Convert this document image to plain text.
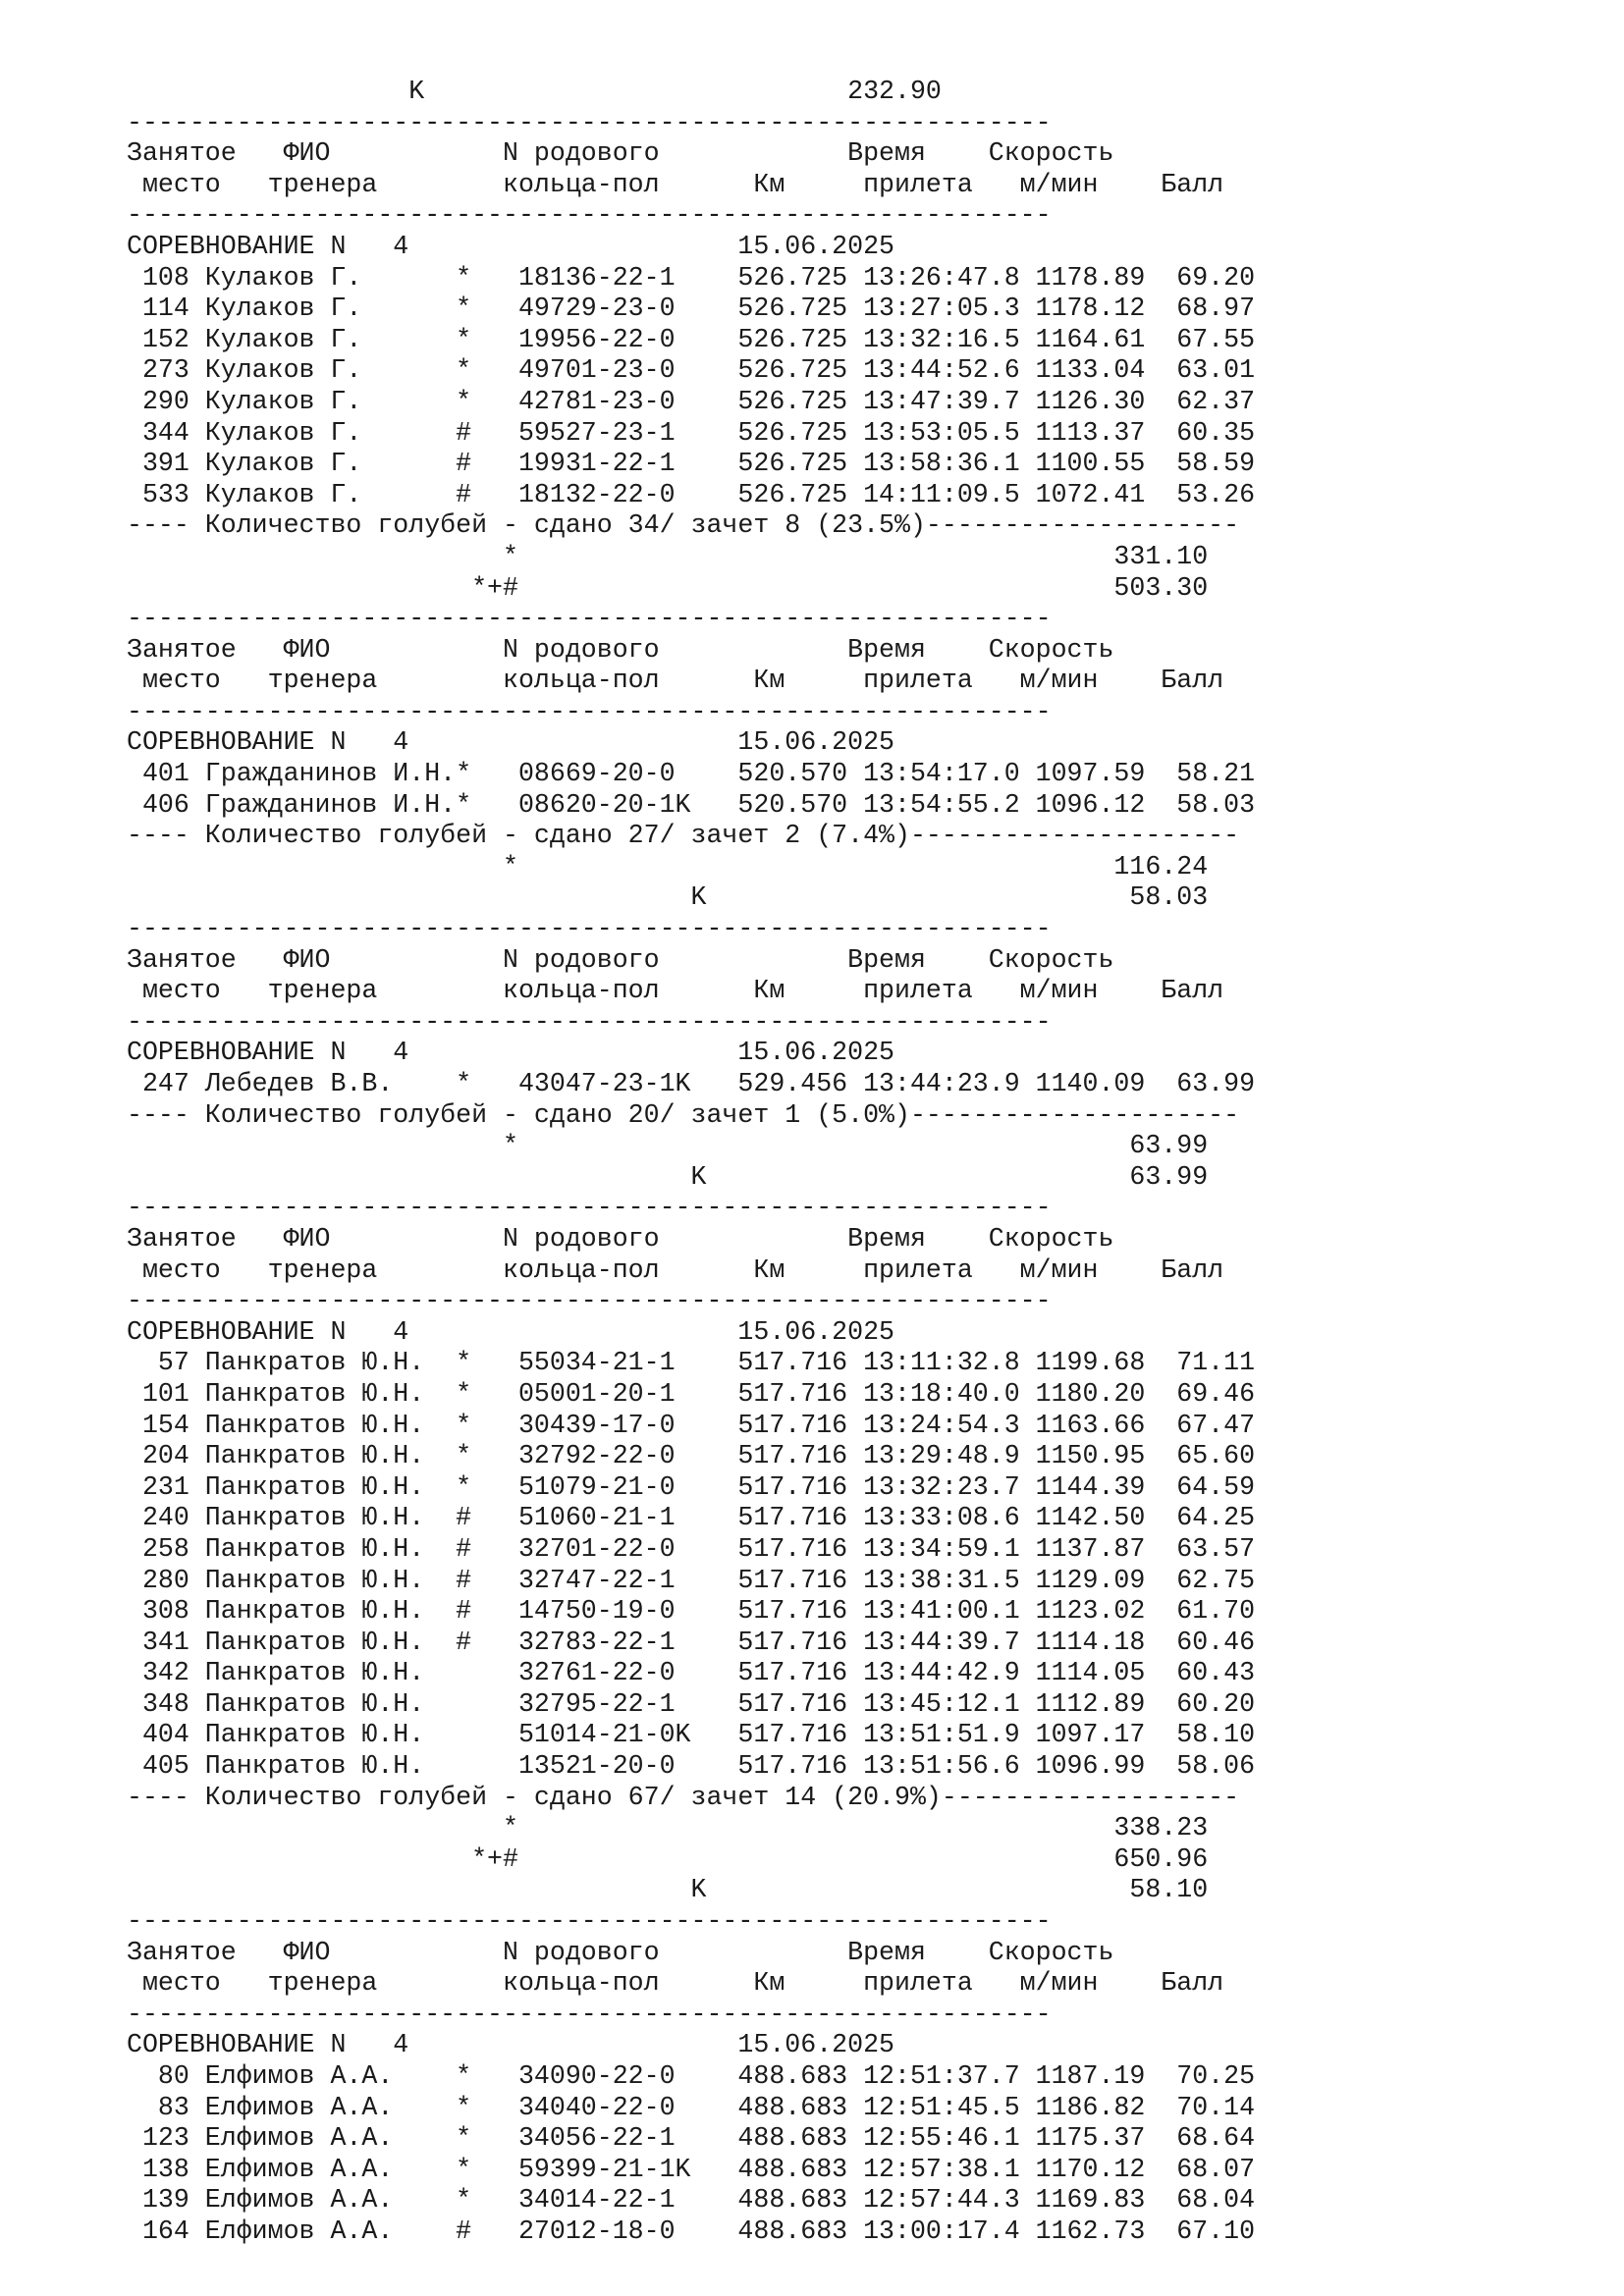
K                           232.90
-----------------------------------------------------------
Занятое   ФИО           N родового            Время    Скорость
место   тренера        кольца-пол      Км     прилета   м/мин    Балл
-----------------------------------------------------------
СОРЕВНОВАНИЕ N   4                     15.06.2025
108 Кулаков Г.      *   18136-22-1    526.725 13:26:47.8 1178.89  69.20
114 Кулаков Г.      *   49729-23-0    526.725 13:27:05.3 1178.12  68.97
152 Кулаков Г.      *   19956-22-0    526.725 13:32:16.5 1164.61  67.55
273 Кулаков Г.      *   49701-23-0    526.725 13:44:52.6 1133.04  63.01
290 Кулаков Г.      *   42781-23-0    526.725 13:47:39.7 1126.30  62.37
344 Кулаков Г.      #   59527-23-1    526.725 13:53:05.5 1113.37  60.35
391 Кулаков Г.      #   19931-22-1    526.725 13:58:36.1 1100.55  58.59
533 Кулаков Г.      #   18132-22-0    526.725 14:11:09.5 1072.41  53.26
---- Количество голубей - сдано 34/ зачет 8 (23.5%)--------------------
*                                      331.10
*+#                                      503.30
-----------------------------------------------------------
Занятое   ФИО           N родового            Время    Скорость
место   тренера        кольца-пол      Км     прилета   м/мин    Балл
-----------------------------------------------------------
СОРЕВНОВАНИЕ N   4                     15.06.2025
401 Гражданинов И.Н.*   08669-20-0    520.570 13:54:17.0 1097.59  58.21
406 Гражданинов И.Н.*   08620-20-1K   520.570 13:54:55.2 1096.12  58.03
---- Количество голубей - сдано 27/ зачет 2 (7.4%)---------------------
*                                      116.24
K                           58.03
-----------------------------------------------------------
Занятое   ФИО           N родового            Время    Скорость
место   тренера        кольца-пол      Км     прилета   м/мин    Балл
-----------------------------------------------------------
СОРЕВНОВАНИЕ N   4                     15.06.2025
247 Лебедев В.В.    *   43047-23-1K   529.456 13:44:23.9 1140.09  63.99
---- Количество голубей - сдано 20/ зачет 1 (5.0%)---------------------
*                                       63.99
K                           63.99
-----------------------------------------------------------
Занятое   ФИО           N родового            Время    Скорость
место   тренера        кольца-пол      Км     прилета   м/мин    Балл
-----------------------------------------------------------
СОРЕВНОВАНИЕ N   4                     15.06.2025
57 Панкратов Ю.Н.  *   55034-21-1    517.716 13:11:32.8 1199.68  71.11
101 Панкратов Ю.Н.  *   05001-20-1    517.716 13:18:40.0 1180.20  69.46
154 Панкратов Ю.Н.  *   30439-17-0    517.716 13:24:54.3 1163.66  67.47
204 Панкратов Ю.Н.  *   32792-22-0    517.716 13:29:48.9 1150.95  65.60
231 Панкратов Ю.Н.  *   51079-21-0    517.716 13:32:23.7 1144.39  64.59
240 Панкратов Ю.Н.  #   51060-21-1    517.716 13:33:08.6 1142.50  64.25
258 Панкратов Ю.Н.  #   32701-22-0    517.716 13:34:59.1 1137.87  63.57
280 Панкратов Ю.Н.  #   32747-22-1    517.716 13:38:31.5 1129.09  62.75
308 Панкратов Ю.Н.  #   14750-19-0    517.716 13:41:00.1 1123.02  61.70
341 Панкратов Ю.Н.  #   32783-22-1    517.716 13:44:39.7 1114.18  60.46
342 Панкратов Ю.Н.      32761-22-0    517.716 13:44:42.9 1114.05  60.43
348 Панкратов Ю.Н.      32795-22-1    517.716 13:45:12.1 1112.89  60.20
404 Панкратов Ю.Н.      51014-21-0K   517.716 13:51:51.9 1097.17  58.10
405 Панкратов Ю.Н.      13521-20-0    517.716 13:51:56.6 1096.99  58.06
---- Количество голубей - сдано 67/ зачет 14 (20.9%)-------------------
*                                      338.23
*+#                                      650.96
K                           58.10
-----------------------------------------------------------
Занятое   ФИО           N родового            Время    Скорость
место   тренера        кольца-пол      Км     прилета   м/мин    Балл
-----------------------------------------------------------
СОРЕВНОВАНИЕ N   4                     15.06.2025
80 Елфимов А.А.    *   34090-22-0    488.683 12:51:37.7 1187.19  70.25
83 Елфимов А.А.    *   34040-22-0    488.683 12:51:45.5 1186.82  70.14
123 Елфимов А.А.    *   34056-22-1    488.683 12:55:46.1 1175.37  68.64
138 Елфимов А.А.    *   59399-21-1K   488.683 12:57:38.1 1170.12  68.07
139 Елфимов А.А.    *   34014-22-1    488.683 12:57:44.3 1169.83  68.04
164 Елфимов А.А.    #   27012-18-0    488.683 13:00:17.4 1162.73  67.10
